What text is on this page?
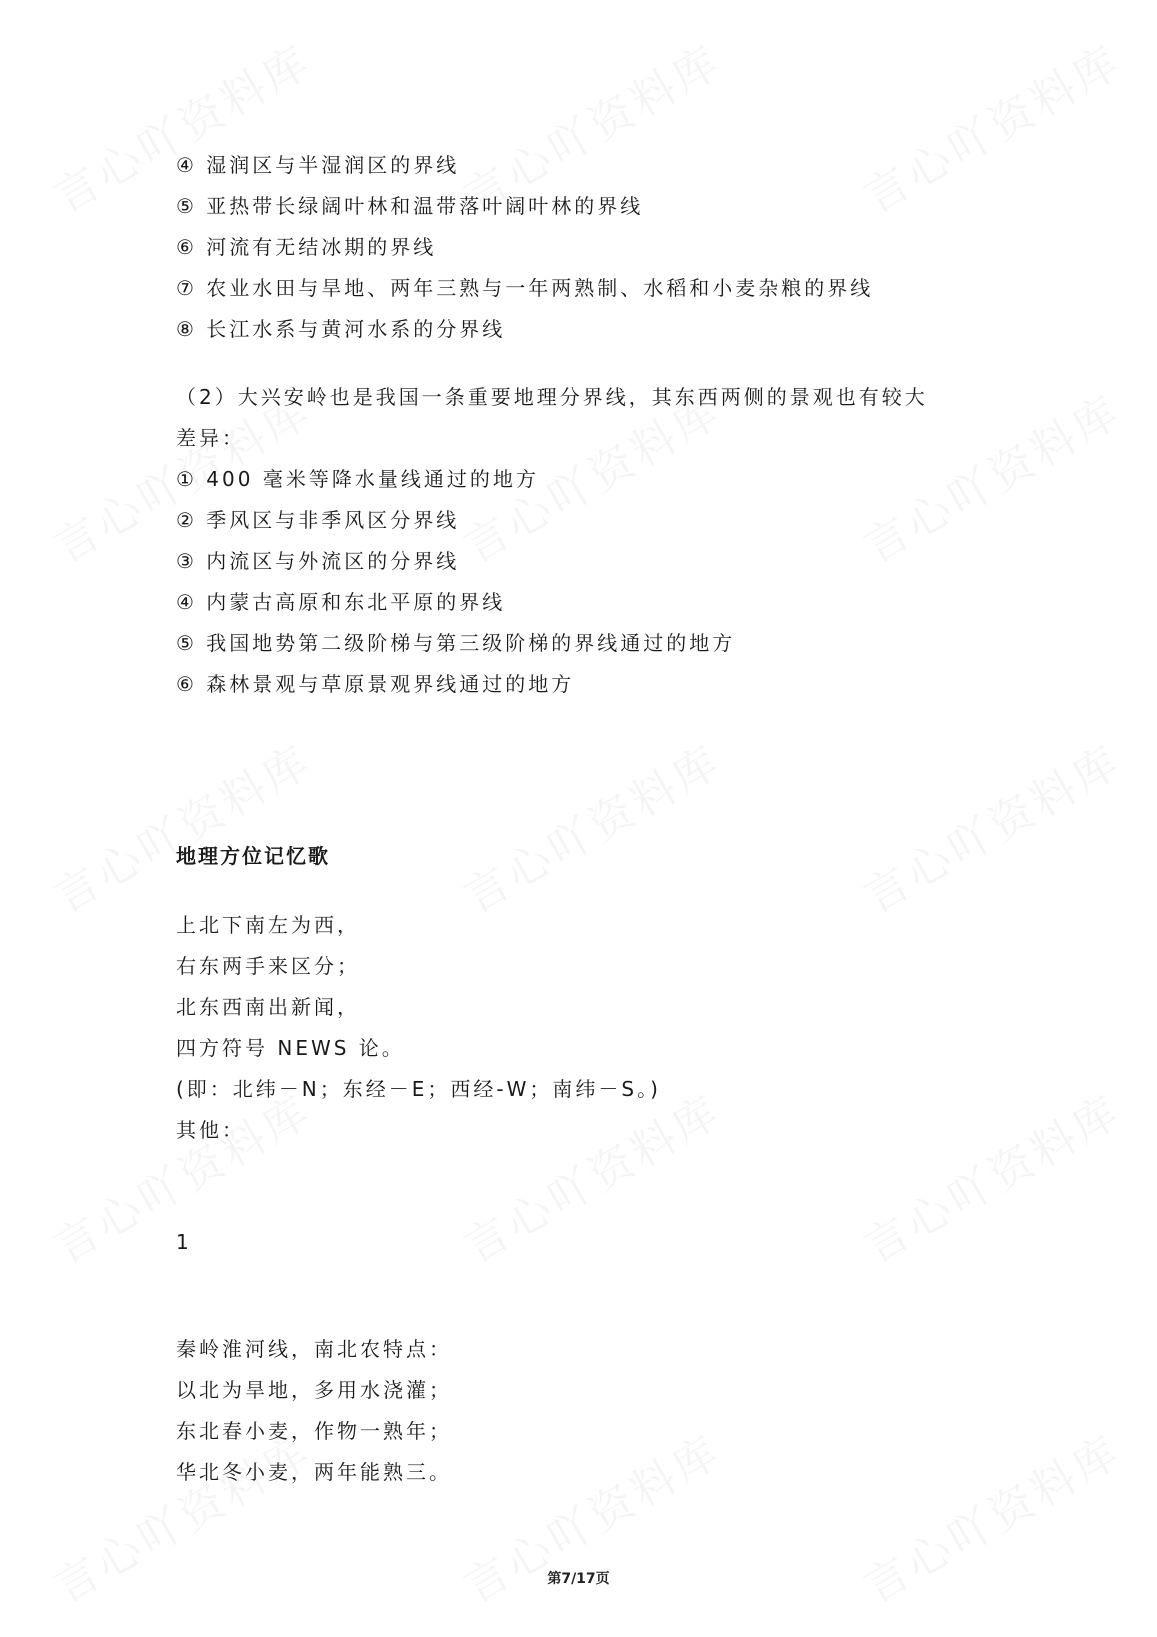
④ 湿润区与半湿润区的界线
⑤ 亚热带长绿阔叶林和温带落叶阔叶林的界线
⑥ 河流有无结冰期的界线
⑦ 农业水田与旱地、两年三熟与一年两熟制、水稻和小麦杂粮的界线
⑧ 长江水系与黄河水系的分界线
（2）大兴安岭也是我国一条重要地理分界线，其东西两侧的景观也有较大
差异：
① 400 毫米等降水量线通过的地方
② 季风区与非季风区分界线
③ 内流区与外流区的分界线
④ 内蒙古高原和东北平原的界线
⑤ 我国地势第二级阶梯与第三级阶梯的界线通过的地方
⑥ 森林景观与草原景观界线通过的地方
地理方位记忆歌
上北下南左为西，
右东两手来区分；
北东西南出新闻，
四方符号 NEWS 论。
(即：北纬－N；东经－E；西经-W；南纬－S。)
其他：
1
秦岭淮河线，南北农特点：
以北为旱地，多用水浇灌；
东北春小麦，作物一熟年；
华北冬小麦，两年能熟三。
第7/17页
